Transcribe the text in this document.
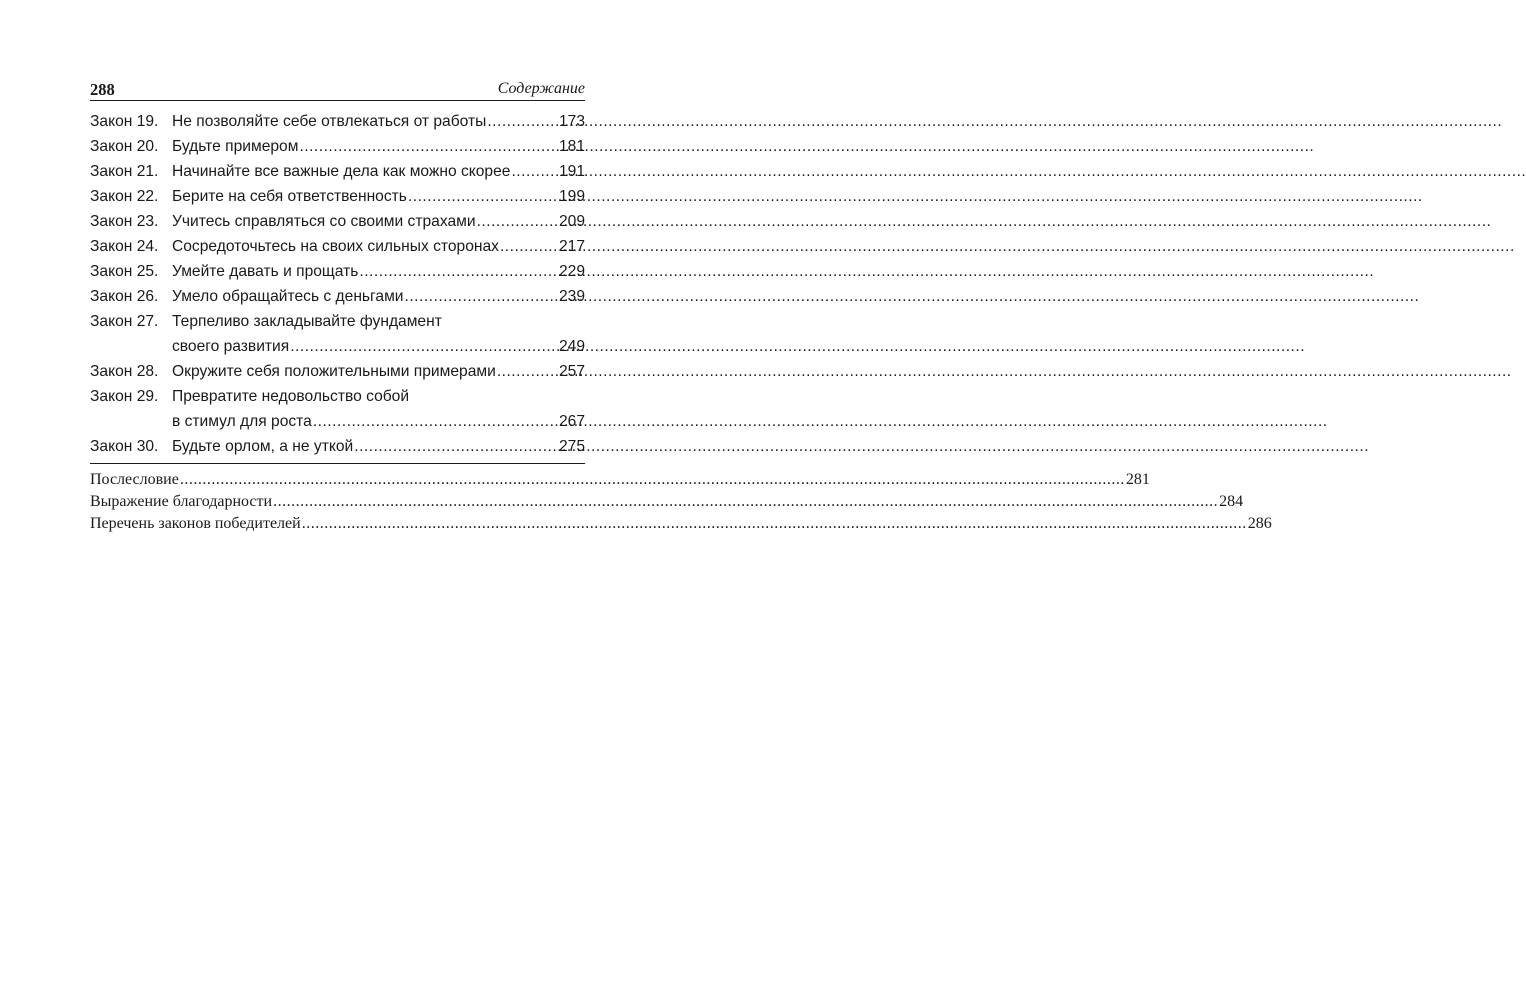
288	Содержание
Закон 19. Не позволяйте себе отвлекаться от работы .....	173
Закон 20. Будьте примером .....	181
Закон 21. Начинайте все важные дела как можно скорее .....	191
Закон 22. Берите на себя ответственность .....	199
Закон 23. Учитесь справляться со своими страхами .....	209
Закон 24. Сосредоточьтесь на своих сильных сторонах .....	217
Закон 25. Умейте давать и прощать .....	229
Закон 26. Умело обращайтесь с деньгами .....	239
Закон 27. Терпеливо закладывайте фундамент
своего развития .....	249
Закон 28. Окружите себя положительными примерами .....	257
Закон 29. Превратите недовольство собой
в стимул для роста .....	267
Закон 30. Будьте орлом, а не уткой .....	275
Послесловие .....	281
Выражение благодарности .....	284
Перечень законов победителей .....	286
